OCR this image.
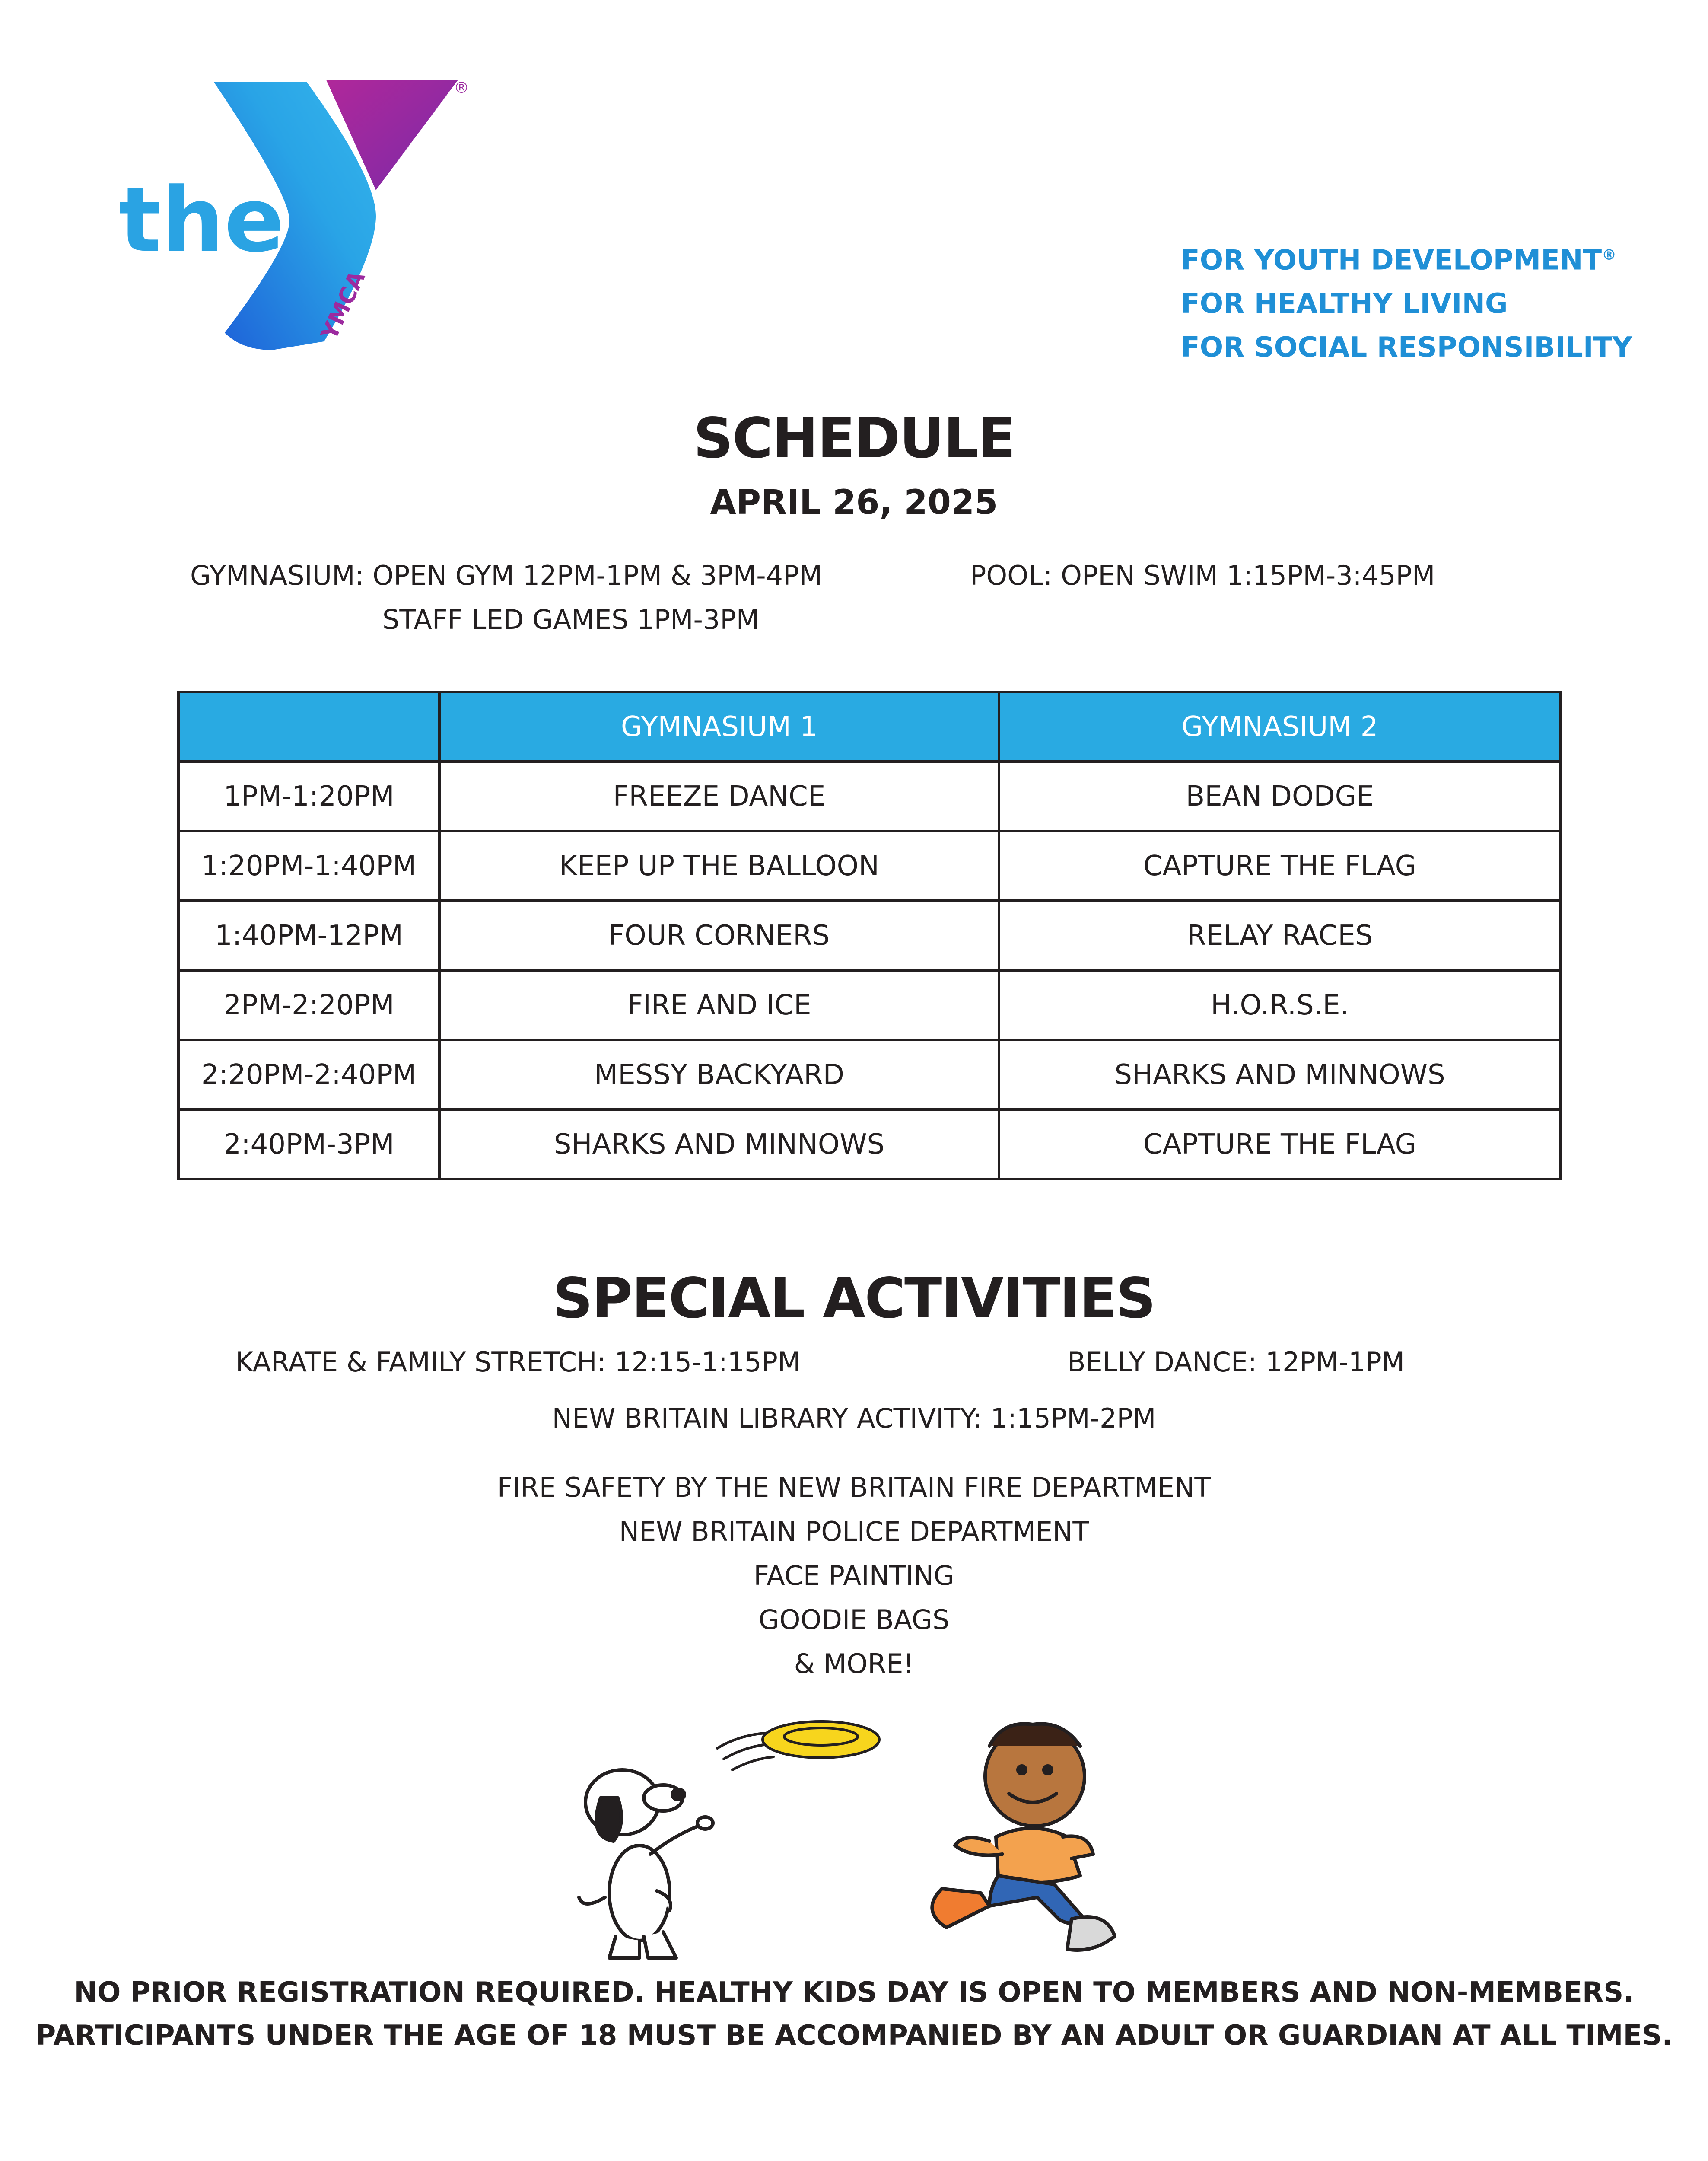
the
®
YMCA
FOR YOUTH DEVELOPMENT®
FOR HEALTHY LIVING
FOR SOCIAL RESPONSIBILITY
SCHEDULE
APRIL 26, 2025
GYMNASIUM: OPEN GYM 12PM-1PM & 3PM-4PM
STAFF LED GAMES 1PM-3PM
POOL: OPEN SWIM 1:15PM-3:45PM
	GYMNASIUM 1	GYMNASIUM 2
1PM-1:20PM	FREEZE DANCE	BEAN DODGE
1:20PM-1:40PM	KEEP UP THE BALLOON	CAPTURE THE FLAG
1:40PM-12PM	FOUR CORNERS	RELAY RACES
2PM-2:20PM	FIRE AND ICE	H.O.R.S.E.
2:20PM-2:40PM	MESSY BACKYARD	SHARKS AND MINNOWS
2:40PM-3PM	SHARKS AND MINNOWS	CAPTURE THE FLAG
SPECIAL ACTIVITIES
KARATE & FAMILY STRETCH: 12:15-1:15PM	BELLY DANCE: 12PM-1PM
NEW BRITAIN LIBRARY ACTIVITY: 1:15PM-2PM
FIRE SAFETY BY THE NEW BRITAIN FIRE DEPARTMENT
NEW BRITAIN POLICE DEPARTMENT
FACE PAINTING
GOODIE BAGS
& MORE!
NO PRIOR REGISTRATION REQUIRED. HEALTHY KIDS DAY IS OPEN TO MEMBERS AND NON-MEMBERS.
PARTICIPANTS UNDER THE AGE OF 18 MUST BE ACCOMPANIED BY AN ADULT OR GUARDIAN AT ALL TIMES.
